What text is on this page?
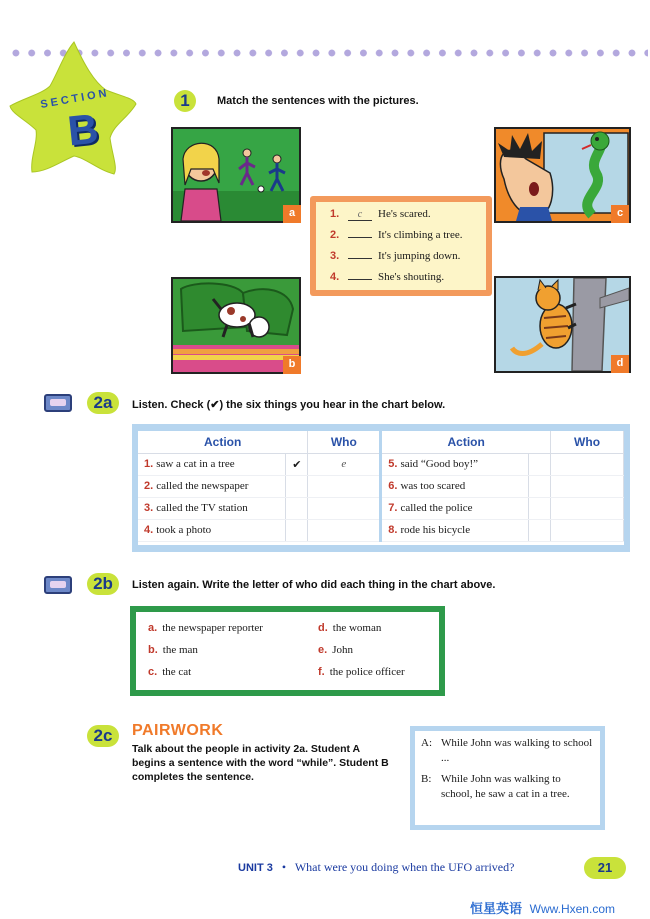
SECTION
B
1	Match the sentences with the pictures.
a
b
c
d
1.	c	He's scared.
2.	It's climbing a tree.
3.	It's jumping down.
4.	She's shouting.
2a	Listen. Check (✔) the six things you hear in the chart below.
Action		Who	Action		Who
1. saw a cat in a tree	✔	e	5. said “Good boy!”		
2. called the newspaper			6. was too scared		
3. called the TV station			7. called the police		
4. took a photo			8. rode his bicycle		
2b	Listen again. Write the letter of who did each thing in the chart above.
a. the newspaper reporter	d. the woman
b. the man	e. John
c. the cat	f. the police officer
2c	PAIRWORK
Talk about the people in activity 2a. Student A begins a sentence with the word “while”. Student B completes the sentence.
A: While John was walking to school ...
B: While John was walking to school, he saw a cat in a tree.
UNIT 3 • What were you doing when the UFO arrived?	21
恒星英语 Www.Hxen.com
